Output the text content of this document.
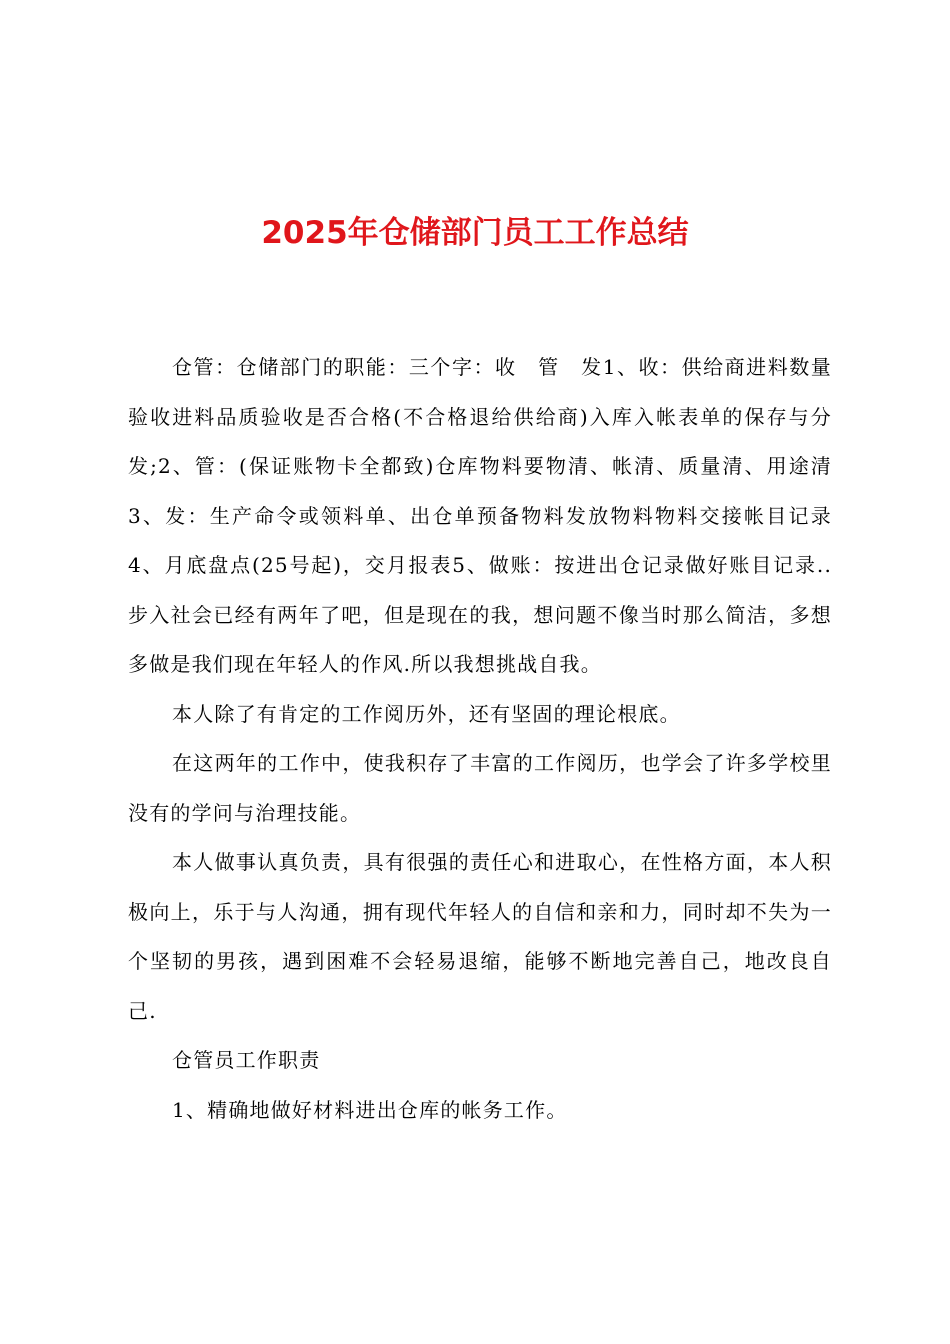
2025年仓储部门员工工作总结

仓管：仓储部门的职能：三个字：收　管　发1、收：供给商进料数量验收进料品质验收是否合格(不合格退给供给商)入库入帐表单的保存与分发;2、管：(保证账物卡全都致)仓库物料要物清、帐清、质量清、用途清3、发：生产命令或领料单、出仓单预备物料发放物料物料交接帐目记录4、月底盘点(25号起)，交月报表5、做账：按进出仓记录做好账目记录..　步入社会已经有两年了吧，但是现在的我，想问题不像当时那么简洁，多想多做是我们现在年轻人的作风.所以我想挑战自我。

本人除了有肯定的工作阅历外，还有坚固的理论根底。

在这两年的工作中，使我积存了丰富的工作阅历，也学会了许多学校里没有的学问与治理技能。

本人做事认真负责，具有很强的责任心和进取心，在性格方面，本人积极向上，乐于与人沟通，拥有现代年轻人的自信和亲和力，同时却不失为一个坚韧的男孩，遇到困难不会轻易退缩，能够不断地完善自己，地改良自己.

仓管员工作职责

1、精确地做好材料进出仓库的帐务工作。
